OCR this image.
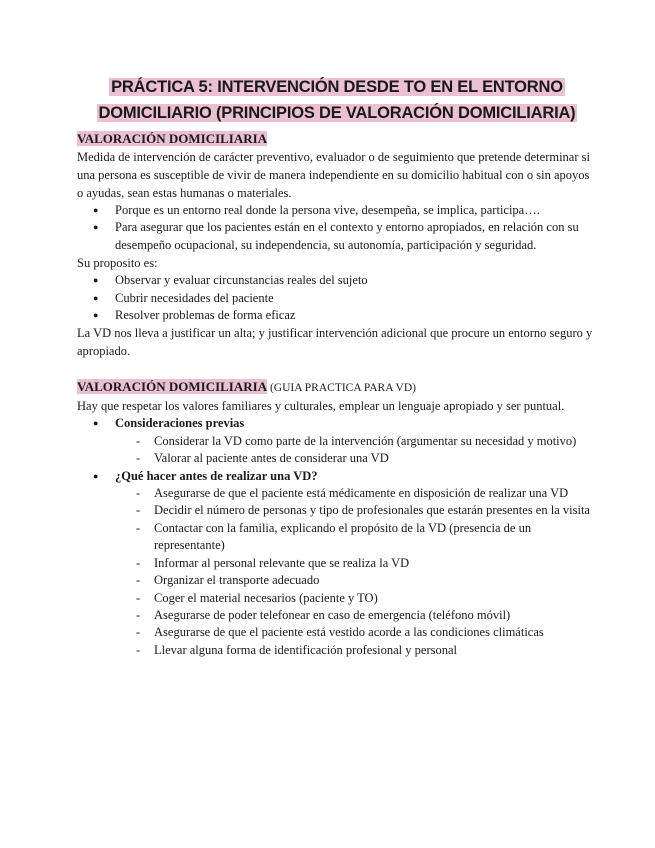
PRÁCTICA 5: INTERVENCIÓN DESDE TO EN EL ENTORNO
DOMICILIARIO (PRINCIPIOS DE VALORACIÓN DOMICILIARIA)
VALORACIÓN DOMICILIARIA

Medida de intervención de carácter preventivo, evaluador o de seguimiento que pretende determinar si una persona es susceptible de vivir de manera independiente en su domicilio habitual con o sin apoyos o ayudas, sean estas humanas o materiales.

● Porque es un entorno real donde la persona vive, desempeña, se implica, participa….
● Para asegurar que los pacientes están en el contexto y entorno apropiados, en relación con su desempeño ocupacional, su independencia, su autonomía, participación y seguridad.

Su proposito es:

● Observar y evaluar circunstancias reales del sujeto
● Cubrir necesidades del paciente
● Resolver problemas de forma eficaz

La VD nos lleva a justificar un alta; y justificar intervención adicional que procure un entorno seguro y apropiado.

VALORACIÓN DOMICILIARIA (GUIA PRACTICA PARA VD)

Hay que respetar los valores familiares y culturales, emplear un lenguaje apropiado y ser puntual.

● Consideraciones previas
- Considerar la VD como parte de la intervención (argumentar su necesidad y motivo)
- Valorar al paciente antes de considerar una VD
● ¿Qué hacer antes de realizar una VD?
- Asegurarse de que el paciente está médicamente en disposición de realizar una VD
- Decidir el número de personas y tipo de profesionales que estarán presentes en la visita
- Contactar con la familia, explicando el propósito de la VD (presencia de un representante)
- Informar al personal relevante que se realiza la VD
- Organizar el transporte adecuado
- Coger el material necesarios (paciente y TO)
- Asegurarse de poder telefonear en caso de emergencia (teléfono móvil)
- Asegurarse de que el paciente está vestido acorde a las condiciones climáticas
- Llevar alguna forma de identificación profesional y personal
